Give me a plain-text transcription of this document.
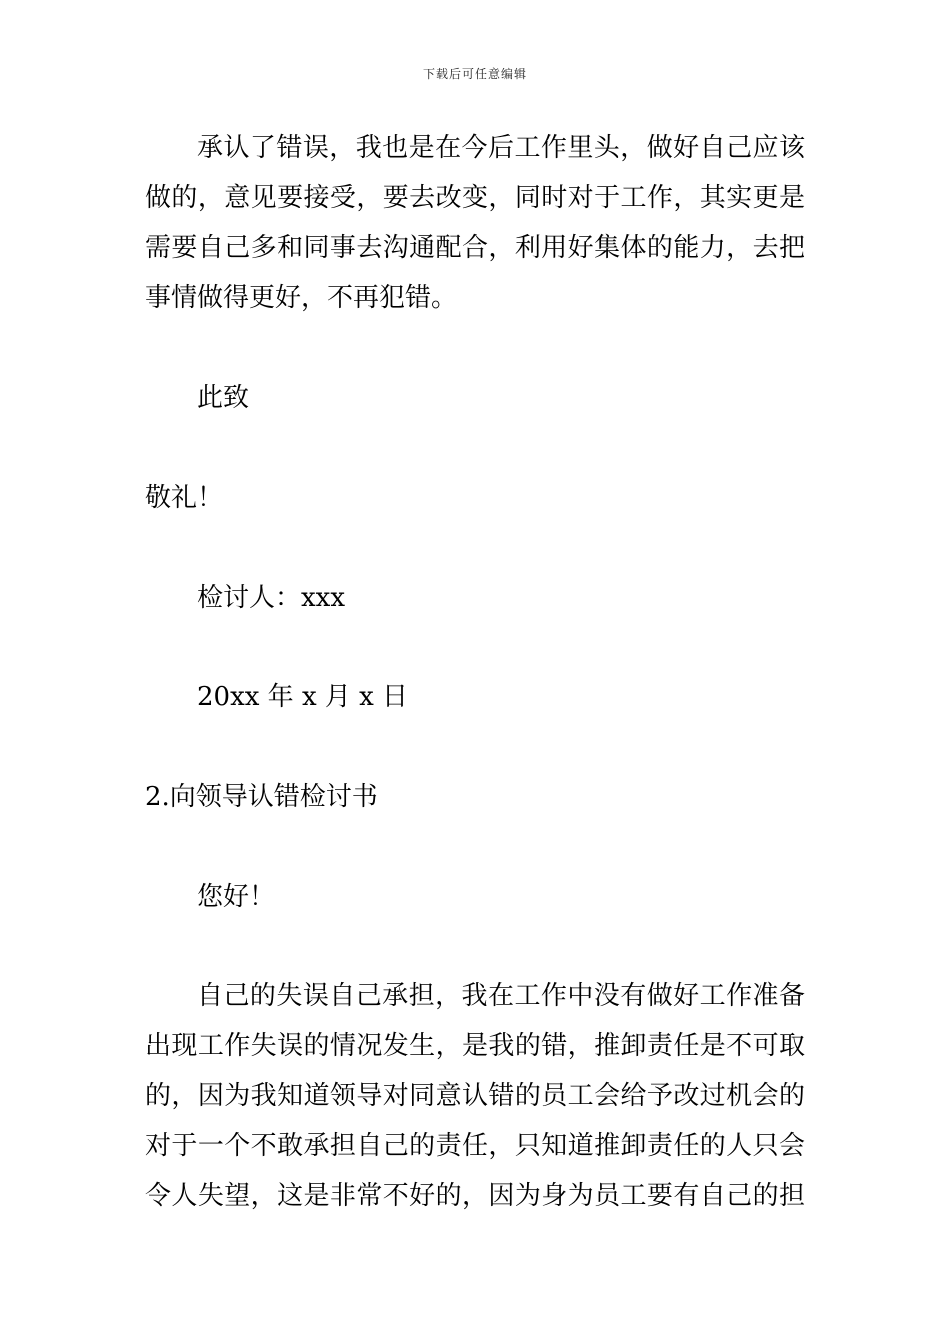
下载后可任意编辑
承认了错误，我也是在今后工作里头，做好自己应该
做的，意见要接受，要去改变，同时对于工作，其实更是
需要自己多和同事去沟通配合，利用好集体的能力，去把
事情做得更好，不再犯错。
此致
敬礼！
检讨人：xxx
20xx 年 x 月 x 日
2.向领导认错检讨书
您好！
自己的失误自己承担，我在工作中没有做好工作准备
出现工作失误的情况发生，是我的错，推卸责任是不可取
的，因为我知道领导对同意认错的员工会给予改过机会的
对于一个不敢承担自己的责任，只知道推卸责任的人只会
令人失望，这是非常不好的，因为身为员工要有自己的担
